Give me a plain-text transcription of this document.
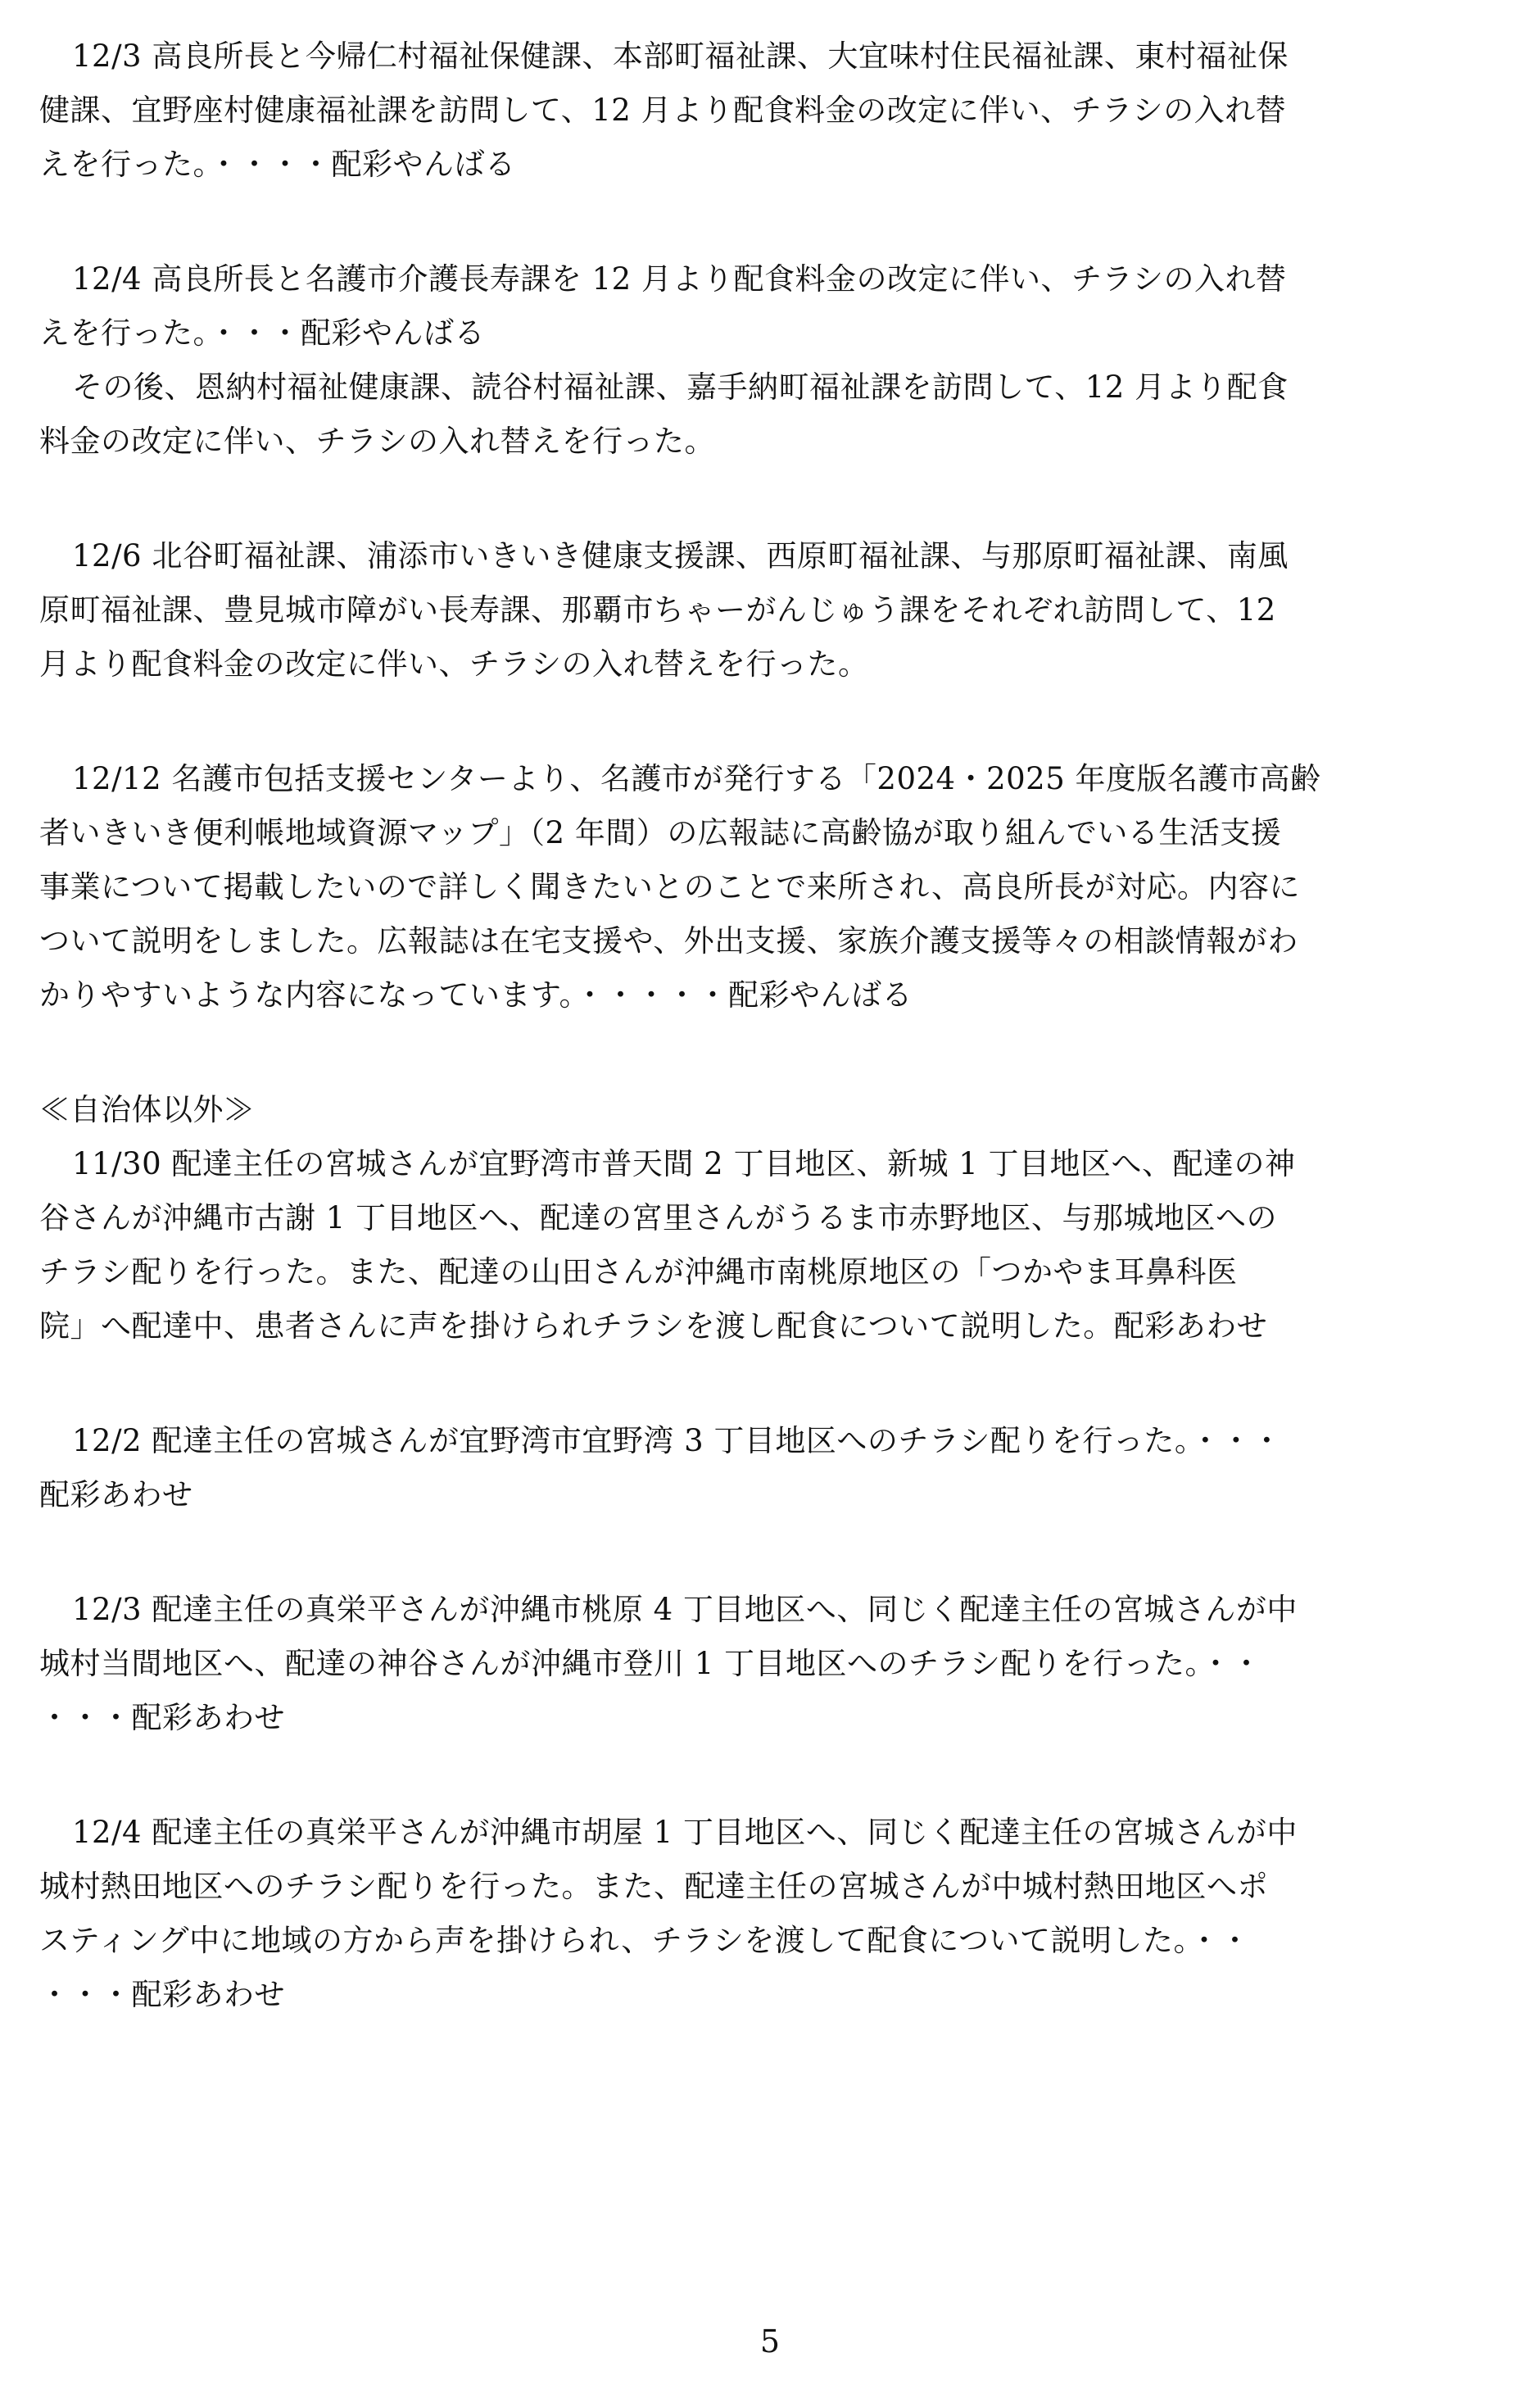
12/3 高良所長と今帰仁村福祉保健課、本部町福祉課、大宜味村住民福祉課、東村福祉保
健課、宜野座村健康福祉課を訪問して、12 月より配食料金の改定に伴い、チラシの入れ替
えを行った。・・・・配彩やんばる
12/4 高良所長と名護市介護長寿課を 12 月より配食料金の改定に伴い、チラシの入れ替
えを行った。・・・配彩やんばる
その後、恩納村福祉健康課、読谷村福祉課、嘉手納町福祉課を訪問して、12 月より配食
料金の改定に伴い、チラシの入れ替えを行った。
12/6 北谷町福祉課、浦添市いきいき健康支援課、西原町福祉課、与那原町福祉課、南風
原町福祉課、豊見城市障がい長寿課、那覇市ちゃーがんじゅう課をそれぞれ訪問して、12
月より配食料金の改定に伴い、チラシの入れ替えを行った。
12/12 名護市包括支援センターより、名護市が発行する「2024・2025 年度版名護市高齢
者いきいき便利帳地域資源マップ」（2 年間）の広報誌に高齢協が取り組んでいる生活支援
事業について掲載したいので詳しく聞きたいとのことで来所され、高良所長が対応。内容に
ついて説明をしました。広報誌は在宅支援や、外出支援、家族介護支援等々の相談情報がわ
かりやすいような内容になっています。・・・・・配彩やんばる
≪自治体以外≫
11/30 配達主任の宮城さんが宜野湾市普天間 2 丁目地区、新城 1 丁目地区へ、配達の神
谷さんが沖縄市古謝 1 丁目地区へ、配達の宮里さんがうるま市赤野地区、与那城地区への
チラシ配りを行った。また、配達の山田さんが沖縄市南桃原地区の「つかやま耳鼻科医
院」へ配達中、患者さんに声を掛けられチラシを渡し配食について説明した。配彩あわせ
12/2 配達主任の宮城さんが宜野湾市宜野湾 3 丁目地区へのチラシ配りを行った。・・・
配彩あわせ
12/3 配達主任の真栄平さんが沖縄市桃原 4 丁目地区へ、同じく配達主任の宮城さんが中
城村当間地区へ、配達の神谷さんが沖縄市登川 1 丁目地区へのチラシ配りを行った。・・
・・・配彩あわせ
12/4 配達主任の真栄平さんが沖縄市胡屋 1 丁目地区へ、同じく配達主任の宮城さんが中
城村熱田地区へのチラシ配りを行った。また、配達主任の宮城さんが中城村熱田地区へポ
スティング中に地域の方から声を掛けられ、チラシを渡して配食について説明した。・・
・・・配彩あわせ
5
